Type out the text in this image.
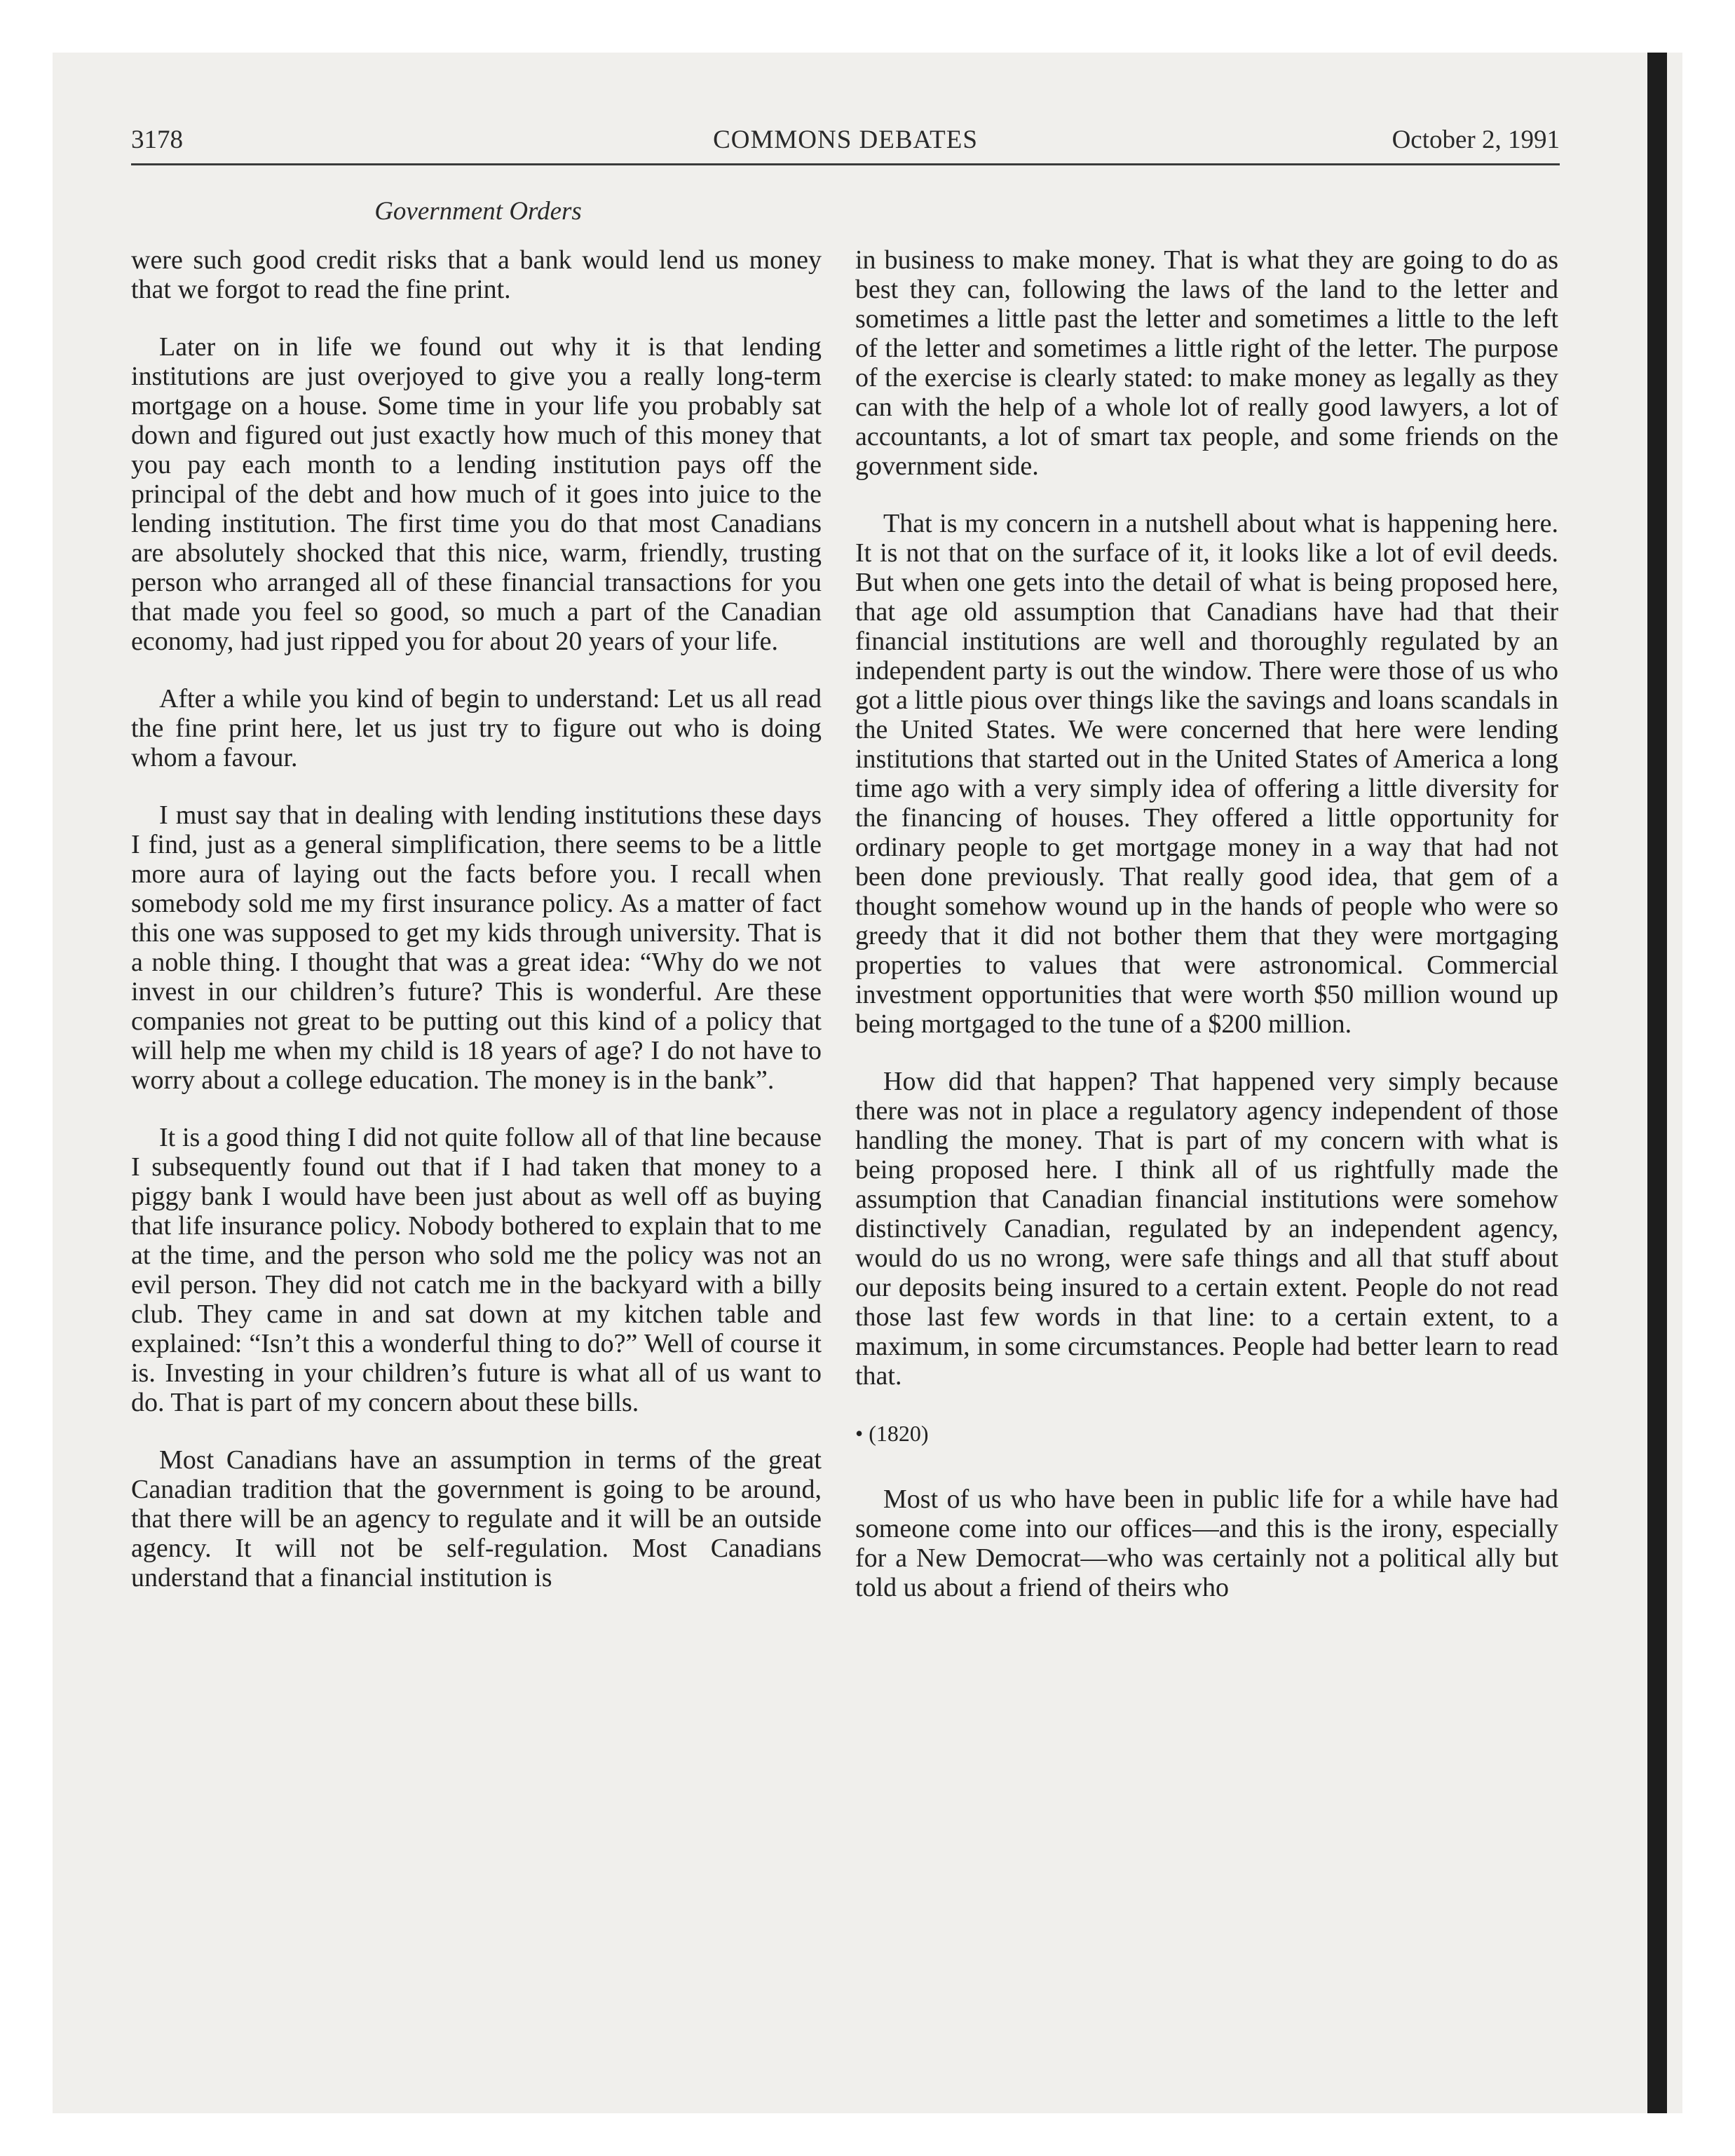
3178	COMMONS DEBATES	October 2, 1991
Government Orders

were such good credit risks that a bank would lend us money that we forgot to read the fine print.

Later on in life we found out why it is that lending institutions are just overjoyed to give you a really long-term mortgage on a house. Some time in your life you probably sat down and figured out just exactly how much of this money that you pay each month to a lending institution pays off the principal of the debt and how much of it goes into juice to the lending institution. The first time you do that most Canadians are absolutely shocked that this nice, warm, friendly, trusting person who arranged all of these financial transactions for you that made you feel so good, so much a part of the Canadian economy, had just ripped you for about 20 years of your life.

After a while you kind of begin to understand: Let us all read the fine print here, let us just try to figure out who is doing whom a favour.

I must say that in dealing with lending institutions these days I find, just as a general simplification, there seems to be a little more aura of laying out the facts before you. I recall when somebody sold me my first insurance policy. As a matter of fact this one was supposed to get my kids through university. That is a noble thing. I thought that was a great idea: “Why do we not invest in our children’s future? This is wonderful. Are these companies not great to be putting out this kind of a policy that will help me when my child is 18 years of age? I do not have to worry about a college education. The money is in the bank”.

It is a good thing I did not quite follow all of that line because I subsequently found out that if I had taken that money to a piggy bank I would have been just about as well off as buying that life insurance policy. Nobody bothered to explain that to me at the time, and the person who sold me the policy was not an evil person. They did not catch me in the backyard with a billy club. They came in and sat down at my kitchen table and explained: “Isn’t this a wonderful thing to do?” Well of course it is. Investing in your children’s future is what all of us want to do. That is part of my concern about these bills.

Most Canadians have an assumption in terms of the great Canadian tradition that the government is going to be around, that there will be an agency to regulate and it will be an outside agency. It will not be self-regulation. Most Canadians understand that a financial institution is

in business to make money. That is what they are going to do as best they can, following the laws of the land to the letter and sometimes a little past the letter and sometimes a little to the left of the letter and sometimes a little right of the letter. The purpose of the exercise is clearly stated: to make money as legally as they can with the help of a whole lot of really good lawyers, a lot of accountants, a lot of smart tax people, and some friends on the government side.

That is my concern in a nutshell about what is happening here. It is not that on the surface of it, it looks like a lot of evil deeds. But when one gets into the detail of what is being proposed here, that age old assumption that Canadians have had that their financial institutions are well and thoroughly regulated by an independent party is out the window. There were those of us who got a little pious over things like the savings and loans scandals in the United States. We were concerned that here were lending institutions that started out in the United States of America a long time ago with a very simply idea of offering a little diversity for the financing of houses. They offered a little opportunity for ordinary people to get mortgage money in a way that had not been done previously. That really good idea, that gem of a thought somehow wound up in the hands of people who were so greedy that it did not bother them that they were mortgaging properties to values that were astronomical. Commercial investment opportunities that were worth $50 million wound up being mortgaged to the tune of a $200 million.

How did that happen? That happened very simply because there was not in place a regulatory agency independent of those handling the money. That is part of my concern with what is being proposed here. I think all of us rightfully made the assumption that Canadian financial institutions were somehow distinctively Canadian, regulated by an independent agency, would do us no wrong, were safe things and all that stuff about our deposits being insured to a certain extent. People do not read those last few words in that line: to a certain extent, to a maximum, in some circumstances. People had better learn to read that.

• (1820)

Most of us who have been in public life for a while have had someone come into our offices—and this is the irony, especially for a New Democrat—who was certainly not a political ally but told us about a friend of theirs who
